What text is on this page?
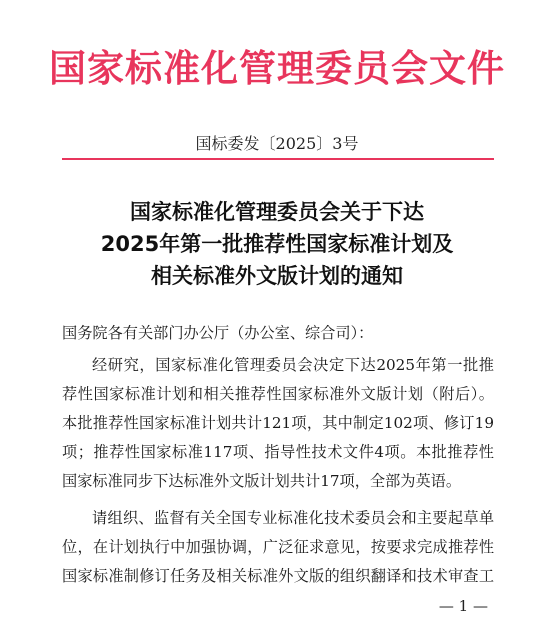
国家标准化管理委员会文件
国标委发〔2025〕3号
国家标准化管理委员会关于下达
2025年第一批推荐性国家标准计划及
相关标准外文版计划的通知
国务院各有关部门办公厅（办公室、综合司）：
经研究，国家标准化管理委员会决定下达2025年第一批推
荐性国家标准计划和相关推荐性国家标准外文版计划（附后）。
本批推荐性国家标准计划共计121项，其中制定102项、修订19
项；推荐性国家标准117项、指导性技术文件4项。本批推荐性
国家标准同步下达标准外文版计划共计17项，全部为英语。
请组织、监督有关全国专业标准化技术委员会和主要起草单
位，在计划执行中加强协调，广泛征求意见，按要求完成推荐性
国家标准制修订任务及相关标准外文版的组织翻译和技术审查工
— 1 —
